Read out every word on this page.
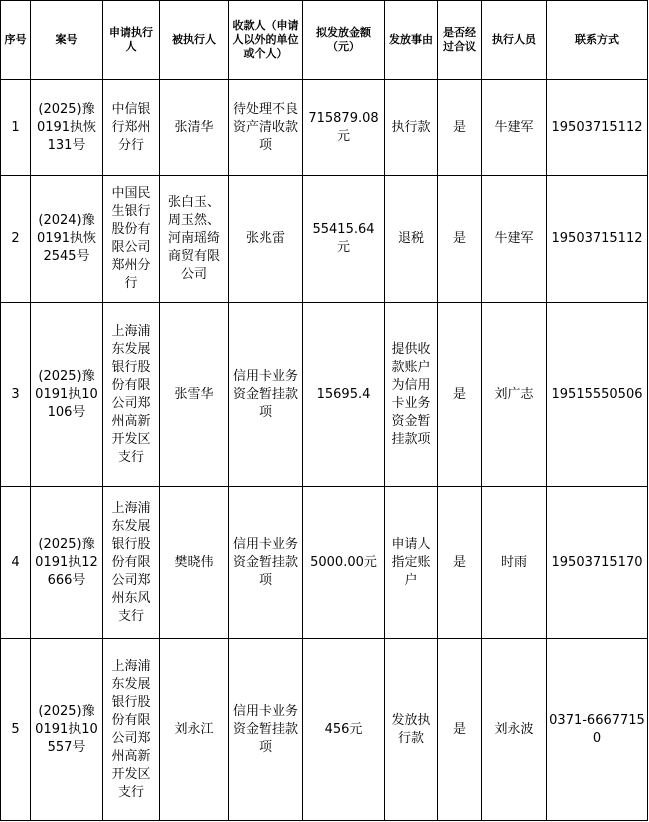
序号	案号	申请执行人	被执行人	收款人（申请人以外的单位或个人）	拟发放金额（元）	发放事由	是否经过合议	执行人员	联系方式
1	(2025)豫0191执恢131号	中信银行郑州分行	张清华	待处理不良资产清收款项	715879.08元	执行款	是	牛建军	19503715112
2	(2024)豫0191执恢2545号	中国民生银行股份有限公司郑州分行	张白玉、周玉然、河南瑶绮商贸有限公司	张兆雷	55415.64元	退税	是	牛建军	19503715112
3	(2025)豫0191执10106号	上海浦东发展银行股份有限公司郑州高新开发区支行	张雪华	信用卡业务资金暂挂款项	15695.4	提供收款账户为信用卡业务资金暂挂款项	是	刘广志	19515550506
4	(2025)豫0191执12666号	上海浦东发展银行股份有限公司郑州东风支行	樊晓伟	信用卡业务资金暂挂款项	5000.00元	申请人指定账户	是	时雨	19503715170
5	(2025)豫0191执10557号	上海浦东发展银行股份有限公司郑州高新开发区支行	刘永江	信用卡业务资金暂挂款项	456元	发放执行款	是	刘永波	0371-66677150
